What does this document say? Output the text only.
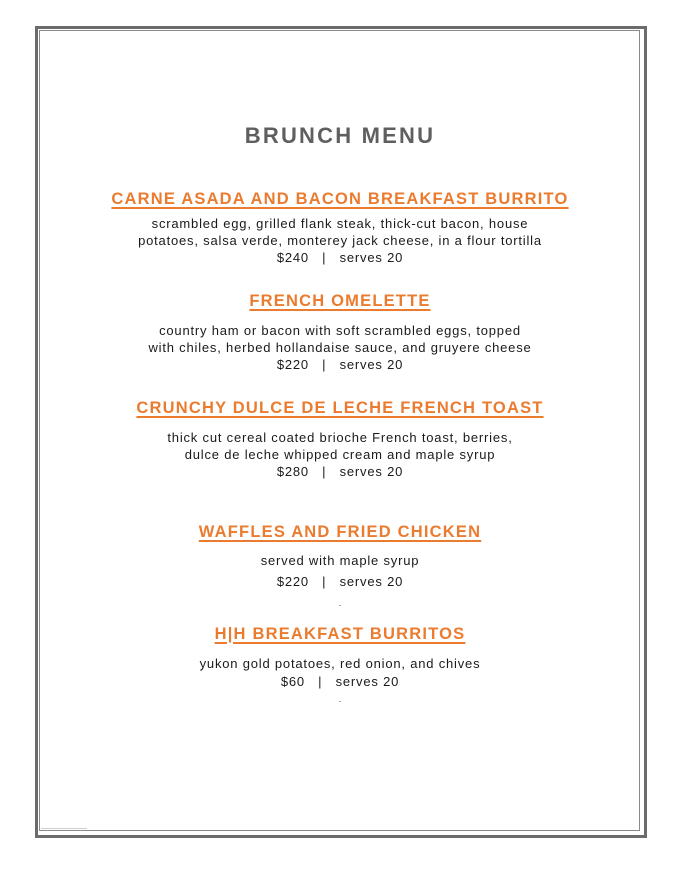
BRUNCH MENU
CARNE ASADA AND BACON BREAKFAST BURRITO
scrambled egg, grilled flank steak, thick-cut bacon, house
potatoes, salsa verde, monterey jack cheese, in a flour tortilla
$240   |   serves 20
FRENCH OMELETTE
country ham or bacon with soft scrambled eggs, topped
with chiles, herbed hollandaise sauce, and gruyere cheese
$220   |   serves 20
CRUNCHY DULCE DE LECHE FRENCH TOAST
thick cut cereal coated brioche French toast, berries,
dulce de leche whipped cream and maple syrup
$280   |   serves 20
WAFFLES AND FRIED CHICKEN
served with maple syrup
$220   |   serves 20
.
H|H BREAKFAST BURRITOS
yukon gold potatoes, red onion, and chives
$60   |   serves 20
.
